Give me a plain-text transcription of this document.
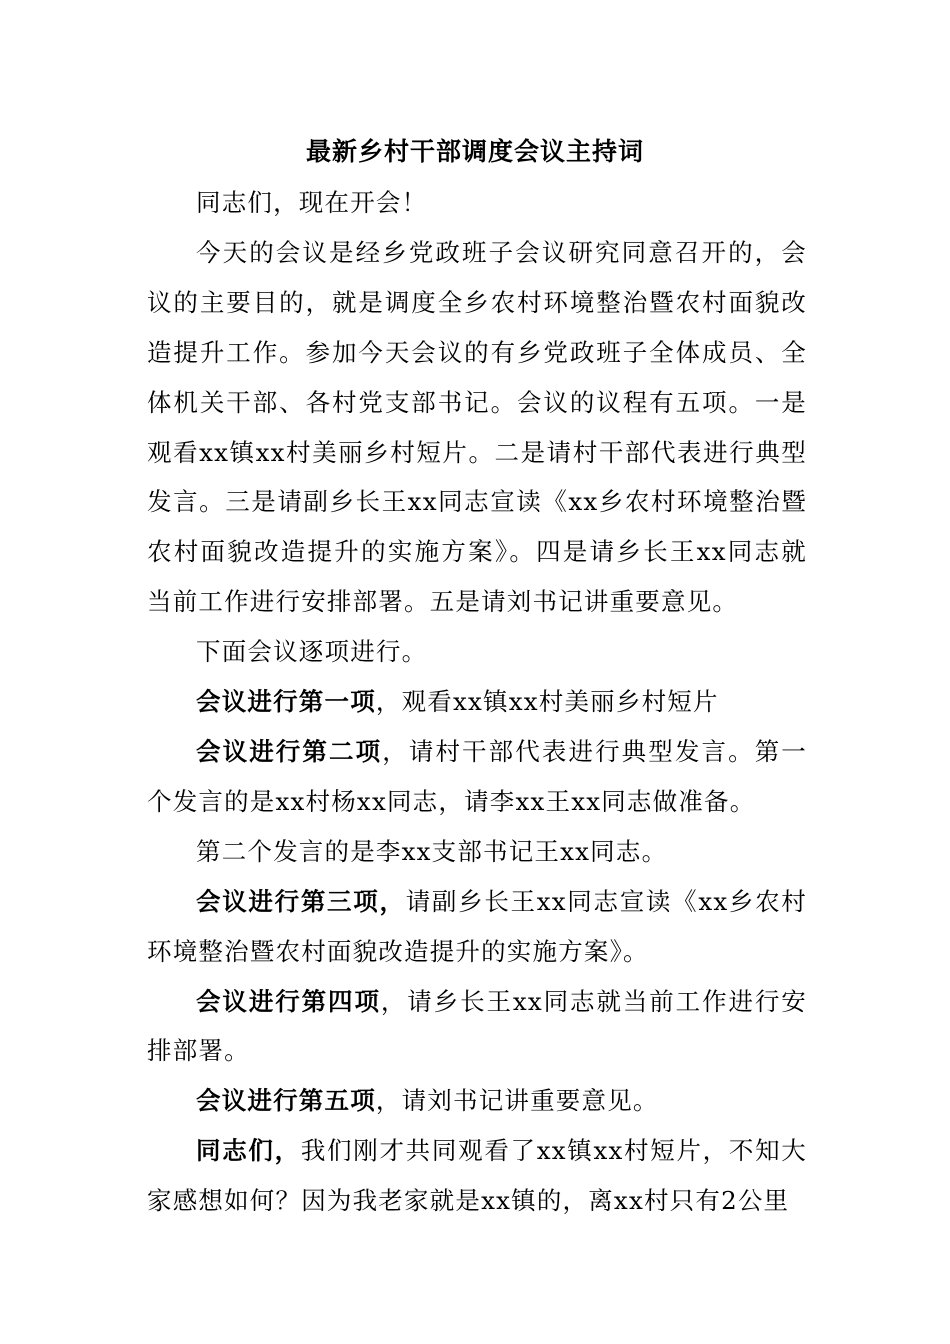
最新乡村干部调度会议主持词

同志们，现在开会！

今天的会议是经乡党政班子会议研究同意召开的，会议的主要目的，就是调度全乡农村环境整治暨农村面貌改造提升工作。参加今天会议的有乡党政班子全体成员、全体机关干部、各村党支部书记。会议的议程有五项。一是观看xx镇xx村美丽乡村短片。二是请村干部代表进行典型发言。三是请副乡长王xx同志宣读《xx乡农村环境整治暨农村面貌改造提升的实施方案》。四是请乡长王xx同志就当前工作进行安排部署。五是请刘书记讲重要意见。

下面会议逐项进行。

会议进行第一项，观看xx镇xx村美丽乡村短片

会议进行第二项，请村干部代表进行典型发言。第一个发言的是xx村杨xx同志，请李xx王xx同志做准备。

第二个发言的是李xx支部书记王xx同志。

会议进行第三项，请副乡长王xx同志宣读《xx乡农村环境整治暨农村面貌改造提升的实施方案》。

会议进行第四项，请乡长王xx同志就当前工作进行安排部署。

会议进行第五项，请刘书记讲重要意见。

同志们，我们刚才共同观看了xx镇xx村短片，不知大家感想如何？因为我老家就是xx镇的，离xx村只有2公里
